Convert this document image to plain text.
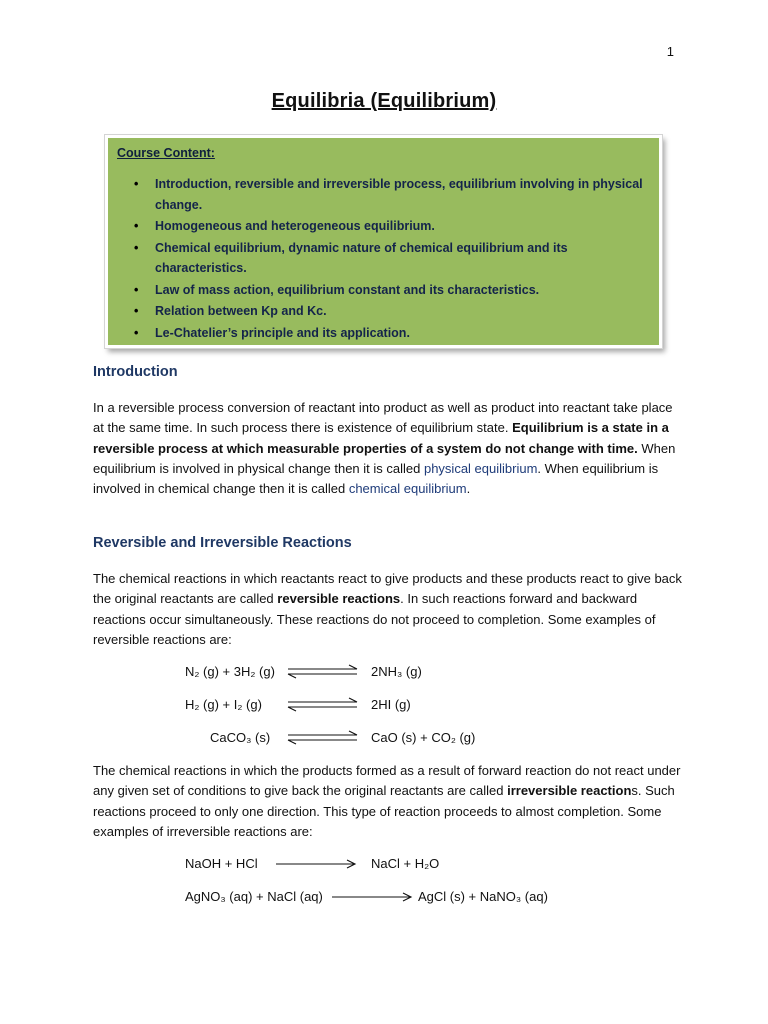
1
Equilibria (Equilibrium)
Course Content:
• Introduction, reversible and irreversible process, equilibrium involving in physical change.
• Homogeneous and heterogeneous equilibrium.
• Chemical equilibrium, dynamic nature of chemical equilibrium and its characteristics.
• Law of mass action, equilibrium constant and its characteristics.
• Relation between Kp and Kc.
• Le-Chatelier’s principle and its application.
Introduction

In a reversible process conversion of reactant into product as well as product into reactant take place at the same time. In such process there is existence of equilibrium state. Equilibrium is a state in a reversible process at which measurable properties of a system do not change with time. When equilibrium is involved in physical change then it is called physical equilibrium. When equilibrium is involved in chemical change then it is called chemical equilibrium.

Reversible and Irreversible Reactions

The chemical reactions in which reactants react to give products and these products react to give back the original reactants are called reversible reactions. In such reactions forward and backward reactions occur simultaneously. These reactions do not proceed to completion. Some examples of reversible reactions are:

N₂ (g) + 3H₂ (g)	2NH₃ (g)
H₂ (g) + I₂ (g)	2HI (g)
CaCO₃ (s)	CaO (s) + CO₂ (g)

The chemical reactions in which the products formed as a result of forward reaction do not react under any given set of conditions to give back the original reactants are called irreversible reactions. Such reactions proceed to only one direction. This type of reaction proceeds to almost completion. Some examples of irreversible reactions are:

NaOH + HCl	NaCl + H₂O
AgNO₃ (aq) + NaCl (aq)	AgCl (s) + NaNO₃ (aq)
